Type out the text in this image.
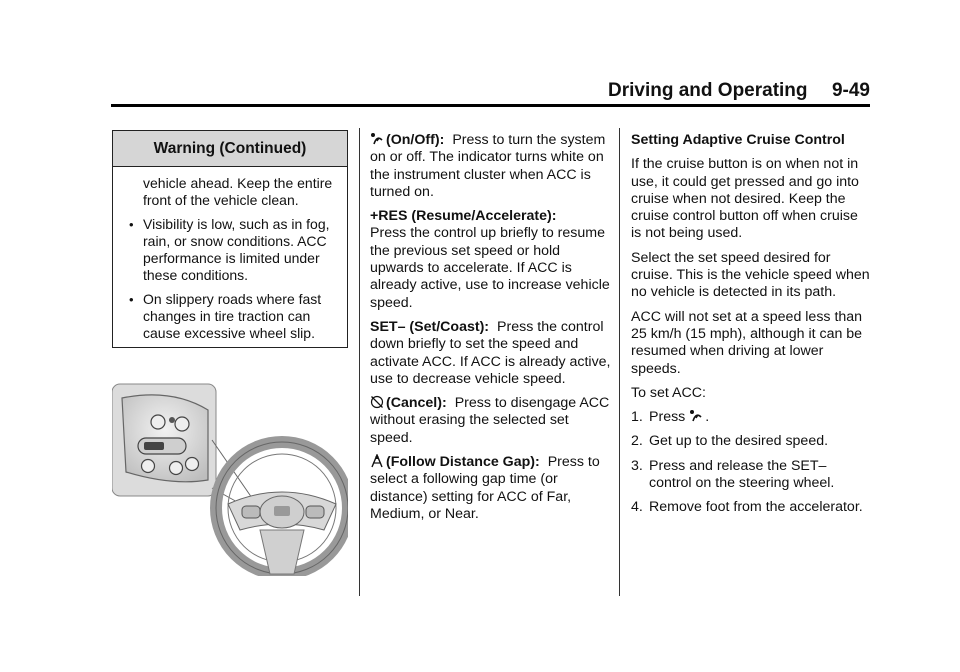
Driving and Operating 9-49
Warning (Continued)

vehicle ahead. Keep the entire front of the vehicle clean.

• Visibility is low, such as in fog, rain, or snow conditions. ACC performance is limited under these conditions.
• On slippery roads where fast changes in tire traction can cause excessive wheel slip.

(On/Off): Press to turn the system on or off. The indicator turns white on the instrument cluster when ACC is turned on.

+RES (Resume/Accelerate):
Press the control up briefly to resume the previous set speed or hold upwards to accelerate. If ACC is already active, use to increase vehicle speed.

SET– (Set/Coast): Press the control down briefly to set the speed and activate ACC. If ACC is already active, use to decrease vehicle speed.

(Cancel): Press to disengage ACC without erasing the selected set speed.

(Follow Distance Gap): Press to select a following gap time (or distance) setting for ACC of Far, Medium, or Near.

Setting Adaptive Cruise Control

If the cruise button is on when not in use, it could get pressed and go into cruise when not desired. Keep the cruise control button off when cruise is not being used.

Select the set speed desired for cruise. This is the vehicle speed when no vehicle is detected in its path.

ACC will not set at a speed less than 25 km/h (15 mph), although it can be resumed when driving at lower speeds.

To set ACC:

1. Press .
2. Get up to the desired speed.
3. Press and release the SET– control on the steering wheel.
4. Remove foot from the accelerator.
